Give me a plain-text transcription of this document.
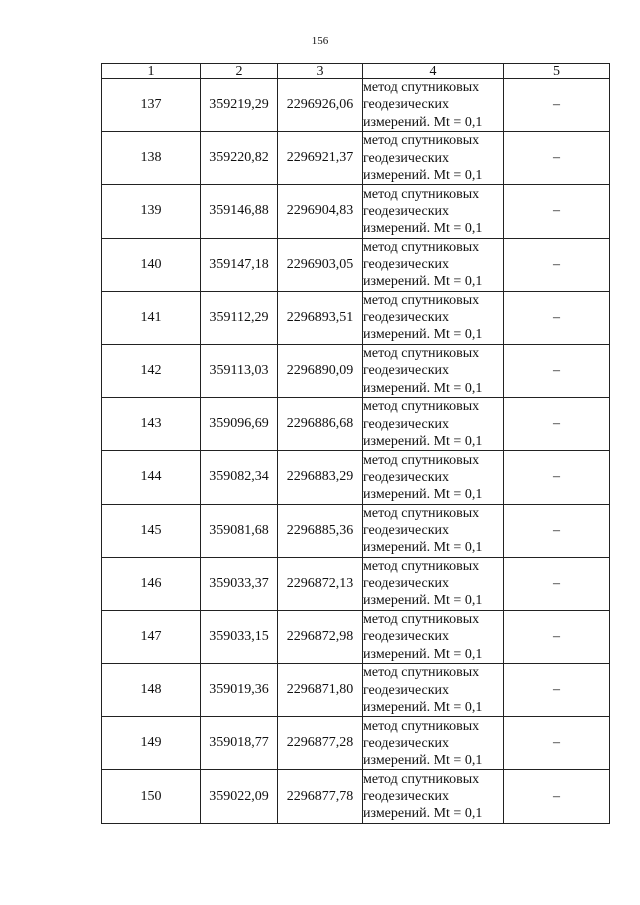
156
1	2	3	4	5
137	359219,29	2296926,06	метод спутниковых
геодезических
измерений. Mt = 0,1	–
138	359220,82	2296921,37	метод спутниковых
геодезических
измерений. Mt = 0,1	–
139	359146,88	2296904,83	метод спутниковых
геодезических
измерений. Mt = 0,1	–
140	359147,18	2296903,05	метод спутниковых
геодезических
измерений. Mt = 0,1	–
141	359112,29	2296893,51	метод спутниковых
геодезических
измерений. Mt = 0,1	–
142	359113,03	2296890,09	метод спутниковых
геодезических
измерений. Mt = 0,1	–
143	359096,69	2296886,68	метод спутниковых
геодезических
измерений. Mt = 0,1	–
144	359082,34	2296883,29	метод спутниковых
геодезических
измерений. Mt = 0,1	–
145	359081,68	2296885,36	метод спутниковых
геодезических
измерений. Mt = 0,1	–
146	359033,37	2296872,13	метод спутниковых
геодезических
измерений. Mt = 0,1	–
147	359033,15	2296872,98	метод спутниковых
геодезических
измерений. Mt = 0,1	–
148	359019,36	2296871,80	метод спутниковых
геодезических
измерений. Mt = 0,1	–
149	359018,77	2296877,28	метод спутниковых
геодезических
измерений. Mt = 0,1	–
150	359022,09	2296877,78	метод спутниковых
геодезических
измерений. Mt = 0,1	–
